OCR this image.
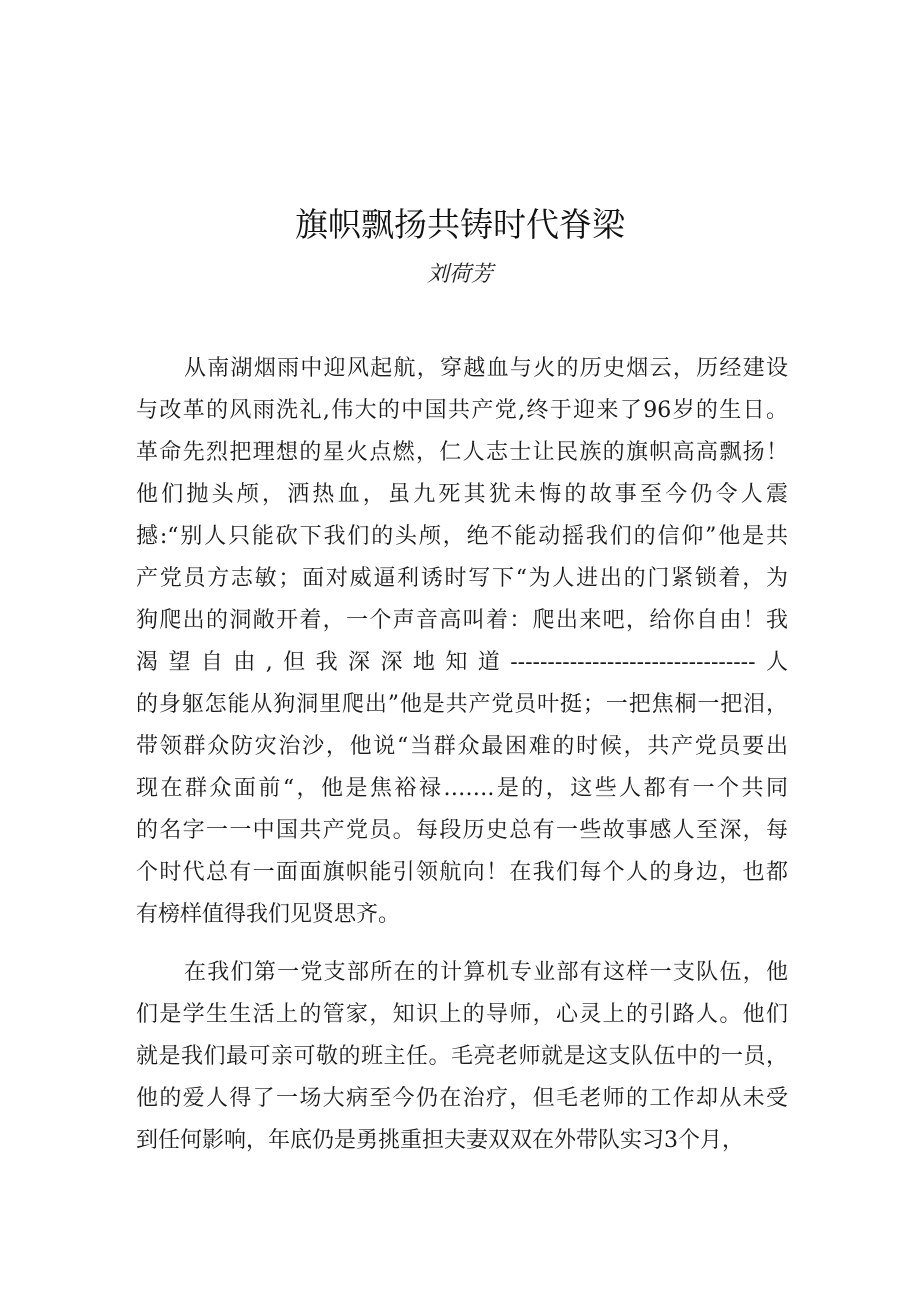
旗帜飘扬共铸时代脊梁
刘荷芳
从南湖烟雨中迎风起航，穿越血与火的历史烟云，历经建设
与改革的风雨洗礼,伟大的中国共产党,终于迎来了96岁的生日。
革命先烈把理想的星火点燃，仁人志士让民族的旗帜高高飘扬！
他们抛头颅，洒热血，虽九死其犹未悔的故事至今仍令人震
撼:“别人只能砍下我们的头颅，绝不能动摇我们的信仰”他是共
产党员方志敏；面对威逼利诱时写下“为人进出的门紧锁着，为
狗爬出的洞敞开着，一个声音高叫着：爬出来吧，给你自由！我
渴望自由,但我深深地知道---------------------------------人
的身躯怎能从狗洞里爬出”他是共产党员叶挺；一把焦桐一把泪，
带领群众防灾治沙，他说“当群众最困难的时候，共产党员要出
现在群众面前“，他是焦裕禄…….是的，这些人都有一个共同
的名字一一中国共产党员。每段历史总有一些故事感人至深，每
个时代总有一面面旗帜能引领航向！在我们每个人的身边，也都
有榜样值得我们见贤思齐。
在我们第一党支部所在的计算机专业部有这样一支队伍，他
们是学生生活上的管家，知识上的导师，心灵上的引路人。他们
就是我们最可亲可敬的班主任。毛亮老师就是这支队伍中的一员，
他的爱人得了一场大病至今仍在治疗，但毛老师的工作却从未受
到任何影响，年底仍是勇挑重担夫妻双双在外带队实习3个月，
